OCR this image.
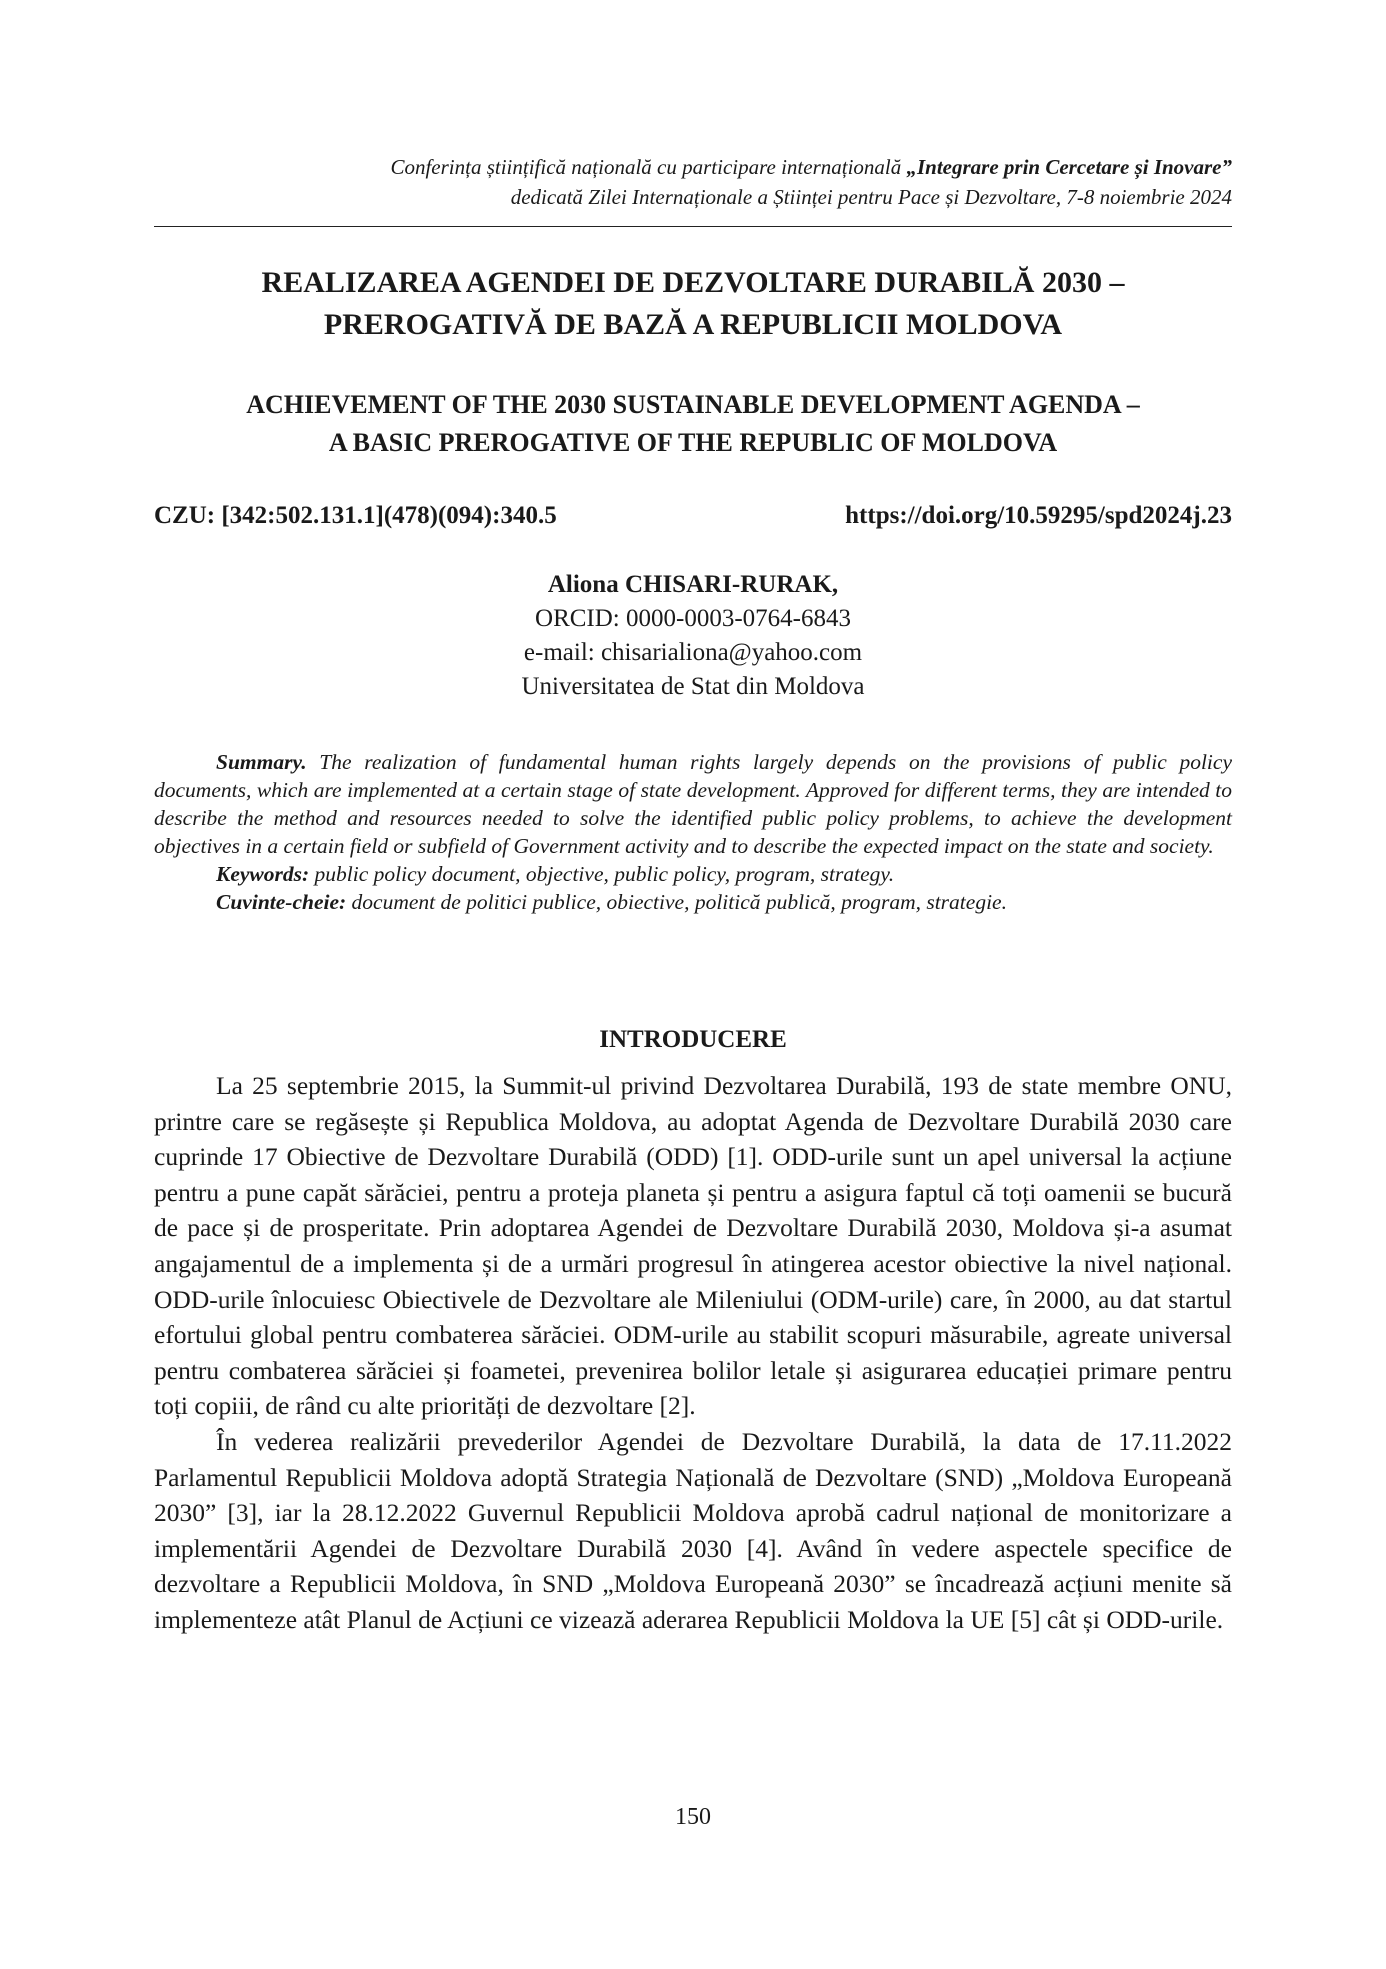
Conferința științifică națională cu participare internațională „Integrare prin Cercetare și Inovare”
dedicată Zilei Internaționale a Științei pentru Pace și Dezvoltare, 7-8 noiembrie 2024
REALIZAREA AGENDEI DE DEZVOLTARE DURABILĂ 2030 –
PREROGATIVĂ DE BAZĂ A REPUBLICII MOLDOVA
ACHIEVEMENT OF THE 2030 SUSTAINABLE DEVELOPMENT AGENDA –
A BASIC PREROGATIVE OF THE REPUBLIC OF MOLDOVA
CZU: [342:502.131.1](478)(094):340.5	https://doi.org/10.59295/spd2024j.23
Aliona CHISARI-RURAK,
ORCID: 0000-0003-0764-6843
e-mail: chisarialiona@yahoo.com
Universitatea de Stat din Moldova

Summary. The realization of fundamental human rights largely depends on the provisions of public policy documents, which are implemented at a certain stage of state development. Approved for different terms, they are intended to describe the method and resources needed to solve the identified public policy problems, to achieve the development objectives in a certain field or subfield of Government activity and to describe the expected impact on the state and society.

Keywords: public policy document, objective, public policy, program, strategy.

Cuvinte-cheie: document de politici publice, obiective, politică publică, program, strategie.

INTRODUCERE

La 25 septembrie 2015, la Summit-ul privind Dezvoltarea Durabilă, 193 de state membre ONU, printre care se regăsește și Republica Moldova, au adoptat Agenda de Dezvoltare Durabilă 2030 care cuprinde 17 Obiective de Dezvoltare Durabilă (ODD) [1]. ODD-urile sunt un apel universal la acțiune pentru a pune capăt sărăciei, pentru a proteja planeta și pentru a asigura faptul că toți oamenii se bucură de pace și de prosperitate. Prin adoptarea Agendei de Dezvoltare Durabilă 2030, Moldova și-a asumat angajamentul de a implementa și de a urmări progresul în atingerea acestor obiective la nivel național. ODD-urile înlocuiesc Obiectivele de Dezvoltare ale Mileniului (ODM-urile) care, în 2000, au dat startul efortului global pentru combaterea sărăciei. ODM-urile au stabilit scopuri măsurabile, agreate universal pentru combaterea sărăciei și foametei, prevenirea bolilor letale și asigurarea educației primare pentru toți copiii, de rând cu alte priorități de dezvoltare [2].

În vederea realizării prevederilor Agendei de Dezvoltare Durabilă, la data de 17.11.2022 Parlamentul Republicii Moldova adoptă Strategia Națională de Dezvoltare (SND) „Moldova Europeană 2030” [3], iar la 28.12.2022 Guvernul Republicii Moldova aprobă cadrul național de monitorizare a implementării Agendei de Dezvoltare Durabilă 2030 [4]. Având în vedere aspectele specifice de dezvoltare a Republicii Moldova, în SND „Moldova Europeană 2030” se încadrează acțiuni menite să implementeze atât Planul de Acțiuni ce vizează aderarea Republicii Moldova la UE [5] cât și ODD-urile.

150
